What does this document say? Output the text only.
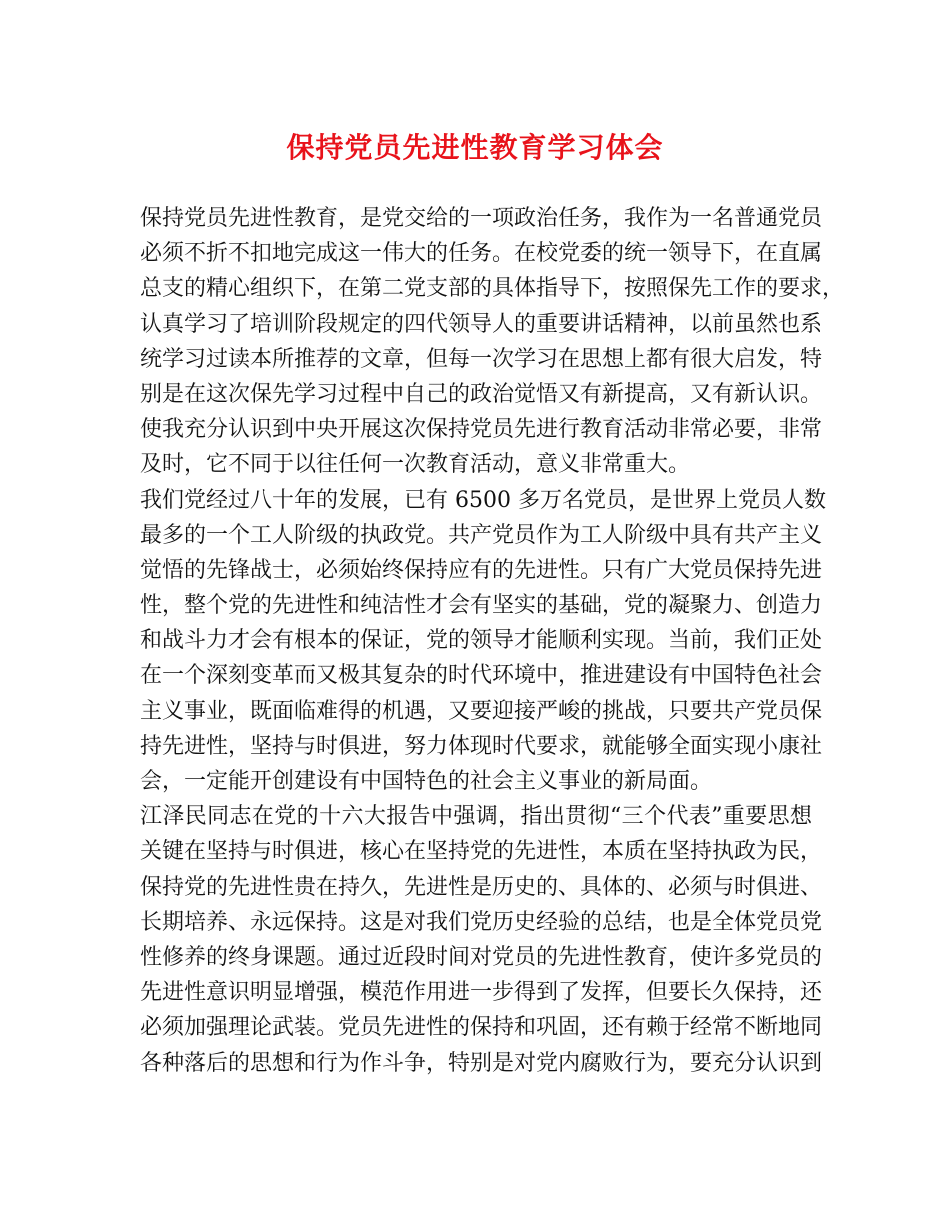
保持党员先进性教育学习体会
保持党员先进性教育，是党交给的一项政治任务，我作为一名普通党员
必须不折不扣地完成这一伟大的任务。在校党委的统一领导下，在直属
总支的精心组织下，在第二党支部的具体指导下，按照保先工作的要求，
认真学习了培训阶段规定的四代领导人的重要讲话精神，以前虽然也系
统学习过读本所推荐的文章，但每一次学习在思想上都有很大启发，特
别是在这次保先学习过程中自己的政治觉悟又有新提高，又有新认识。
使我充分认识到中央开展这次保持党员先进行教育活动非常必要，非常
及时，它不同于以往任何一次教育活动，意义非常重大。
我们党经过八十年的发展，已有 6500 多万名党员，是世界上党员人数
最多的一个工人阶级的执政党。共产党员作为工人阶级中具有共产主义
觉悟的先锋战士，必须始终保持应有的先进性。只有广大党员保持先进
性，整个党的先进性和纯洁性才会有坚实的基础，党的凝聚力、创造力
和战斗力才会有根本的保证，党的领导才能顺利实现。当前，我们正处
在一个深刻变革而又极其复杂的时代环境中，推进建设有中国特色社会
主义事业，既面临难得的机遇，又要迎接严峻的挑战，只要共产党员保
持先进性，坚持与时俱进，努力体现时代要求，就能够全面实现小康社
会，一定能开创建设有中国特色的社会主义事业的新局面。
江泽民同志在党的十六大报告中强调，指出贯彻“三个代表”重要思想
关键在坚持与时俱进，核心在坚持党的先进性，本质在坚持执政为民，
保持党的先进性贵在持久，先进性是历史的、具体的、必须与时俱进、
长期培养、永远保持。这是对我们党历史经验的总结，也是全体党员党
性修养的终身课题。通过近段时间对党员的先进性教育，使许多党员的
先进性意识明显增强，模范作用进一步得到了发挥，但要长久保持，还
必须加强理论武装。党员先进性的保持和巩固，还有赖于经常不断地同
各种落后的思想和行为作斗争，特别是对党内腐败行为，要充分认识到
